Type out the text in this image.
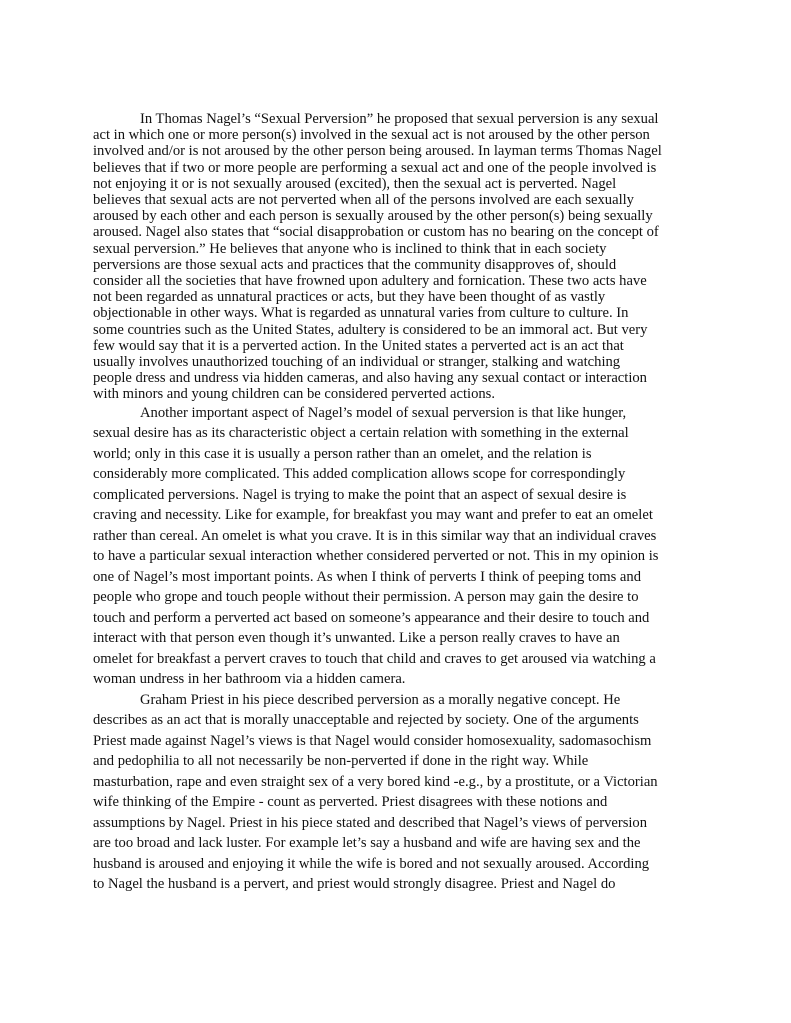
In Thomas Nagel’s “Sexual Perversion” he proposed that sexual perversion is any sexual
act in which one or more person(s) involved in the sexual act is not aroused by the other person
involved and/or is not aroused by the other person being aroused. In layman terms Thomas Nagel
believes that if two or more people are performing a sexual act and one of the people involved is
not enjoying it or is not sexually aroused (excited), then the sexual act is perverted. Nagel
believes that sexual acts are not perverted when all of the persons involved are each sexually
aroused by each other and each person is sexually aroused by the other person(s) being sexually
aroused. Nagel also states that “social disapprobation or custom has no bearing on the concept of
sexual perversion.” He believes that anyone who is inclined to think that in each society
perversions are those sexual acts and practices that the community disapproves of, should
consider all the societies that have frowned upon adultery and fornication. These two acts have
not been regarded as unnatural practices or acts, but they have been thought of as vastly
objectionable in other ways. What is regarded as unnatural varies from culture to culture. In
some countries such as the United States, adultery is considered to be an immoral act. But very
few would say that it is a perverted action. In the United states a perverted act is an act that
usually involves unauthorized touching of an individual or stranger, stalking and watching
people dress and undress via hidden cameras, and also having any sexual contact or interaction
with minors and young children can be considered perverted actions.
Another important aspect of Nagel’s model of sexual perversion is that like hunger,
sexual desire has as its characteristic object a certain relation with something in the external
world; only in this case it is usually a person rather than an omelet, and the relation is
considerably more complicated. This added complication allows scope for correspondingly
complicated perversions. Nagel is trying to make the point that an aspect of sexual desire is
craving and necessity. Like for example, for breakfast you may want and prefer to eat an omelet
rather than cereal. An omelet is what you crave. It is in this similar way that an individual craves
to have a particular sexual interaction whether considered perverted or not. This in my opinion is
one of Nagel’s most important points. As when I think of perverts I think of peeping toms and
people who grope and touch people without their permission. A person may gain the desire to
touch and perform a perverted act based on someone’s appearance and their desire to touch and
interact with that person even though it’s unwanted. Like a person really craves to have an
omelet for breakfast a pervert craves to touch that child and craves to get aroused via watching a
woman undress in her bathroom via a hidden camera.
Graham Priest in his piece described perversion as a morally negative concept. He
describes as an act that is morally unacceptable and rejected by society. One of the arguments
Priest made against Nagel’s views is that Nagel would consider homosexuality, sadomasochism
and pedophilia to all not necessarily be non-perverted if done in the right way. While
masturbation, rape and even straight sex of a very bored kind -e.g., by a prostitute, or a Victorian
wife thinking of the Empire - count as perverted. Priest disagrees with these notions and
assumptions by Nagel. Priest in his piece stated and described that Nagel’s views of perversion
are too broad and lack luster. For example let’s say a husband and wife are having sex and the
husband is aroused and enjoying it while the wife is bored and not sexually aroused. According
to Nagel the husband is a pervert, and priest would strongly disagree. Priest and Nagel do
